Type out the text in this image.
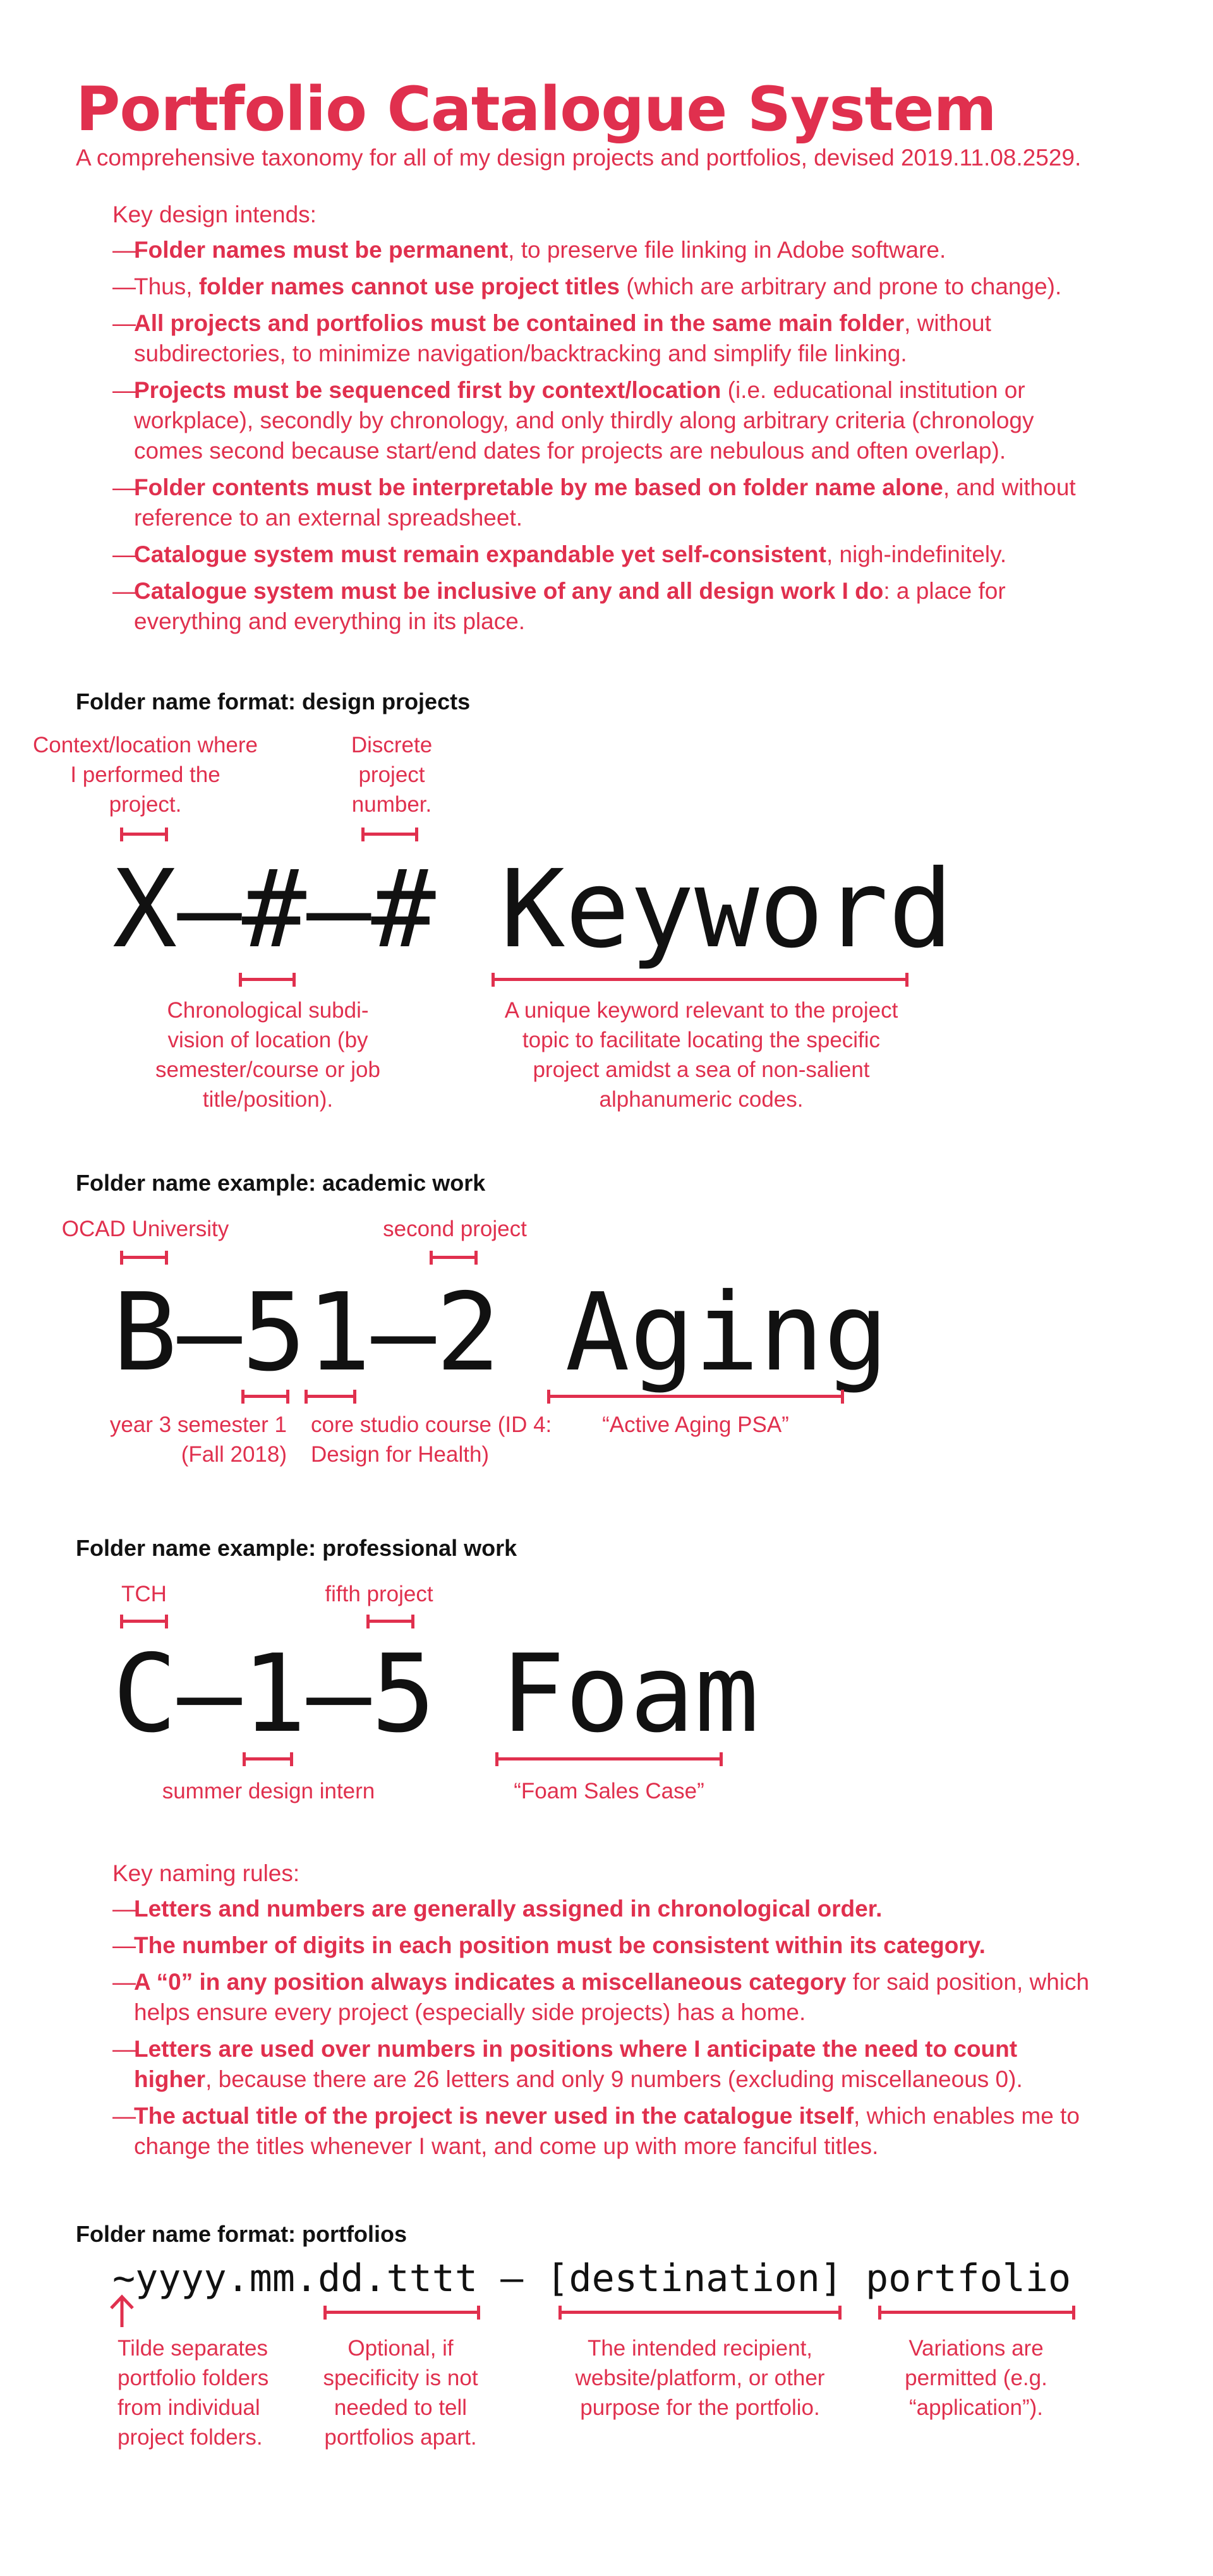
Portfolio Catalogue System
A comprehensive taxonomy for all of my design projects and portfolios, devised 2019.11.08.2529.
Key design intends:
—
Folder names must be permanent, to preserve file linking in Adobe software.
—
Thus, folder names cannot use project titles (which are arbitrary and prone to change).
—
All projects and portfolios must be contained in the same main folder, without subdirectories, to minimize navigation/backtracking and simplify file linking.
—
Projects must be sequenced first by context/location (i.e. educational institution or workplace), secondly by chronology, and only thirdly along arbitrary criteria (chronology comes second because start/end dates for projects are nebulous and often overlap).
—
Folder contents must be interpretable by me based on folder name alone, and without reference to an external spreadsheet.
—
Catalogue system must remain expandable yet self-consistent, nigh-indefinitely.
—
Catalogue system must be inclusive of any and all design work I do: a place for everything and everything in its place.
Folder name format: design projects
Context/location where I performed the project.
Discrete project number.
X–#–# Keyword
Chronological subdi-vision of location (by semester/course or job title/position).
A unique keyword relevant to the project topic to facilitate locating the specific project amidst a sea of non-salient alphanumeric codes.
Folder name example: academic work
OCAD University	second project
B–51–2 Aging
year 3 semester 1 (Fall 2018)
core studio course (ID 4: Design for Health)
“Active Aging PSA”
Folder name example: professional work
TCH	fifth project
C–1–5 Foam
summer design intern	“Foam Sales Case”
Key naming rules:
—
Letters and numbers are generally assigned in chronological order.
—
The number of digits in each position must be consistent within its category.
—
A “0” in any position always indicates a miscellaneous category for said position, which helps ensure every project (especially side projects) has a home.
—
Letters are used over numbers in positions where I anticipate the need to count higher, because there are 26 letters and only 9 numbers (excluding miscellaneous 0).
—
The actual title of the project is never used in the catalogue itself, which enables me to change the titles whenever I want, and come up with more fanciful titles.
Folder name format: portfolios
~yyyy.mm.dd.tttt – [destination] portfolio
Tilde separates portfolio folders from individual project folders.
Optional, if specificity is not needed to tell portfolios apart.
The intended recipient, website/platform, or other purpose for the portfolio.
Variations are permitted (e.g. “application”).
